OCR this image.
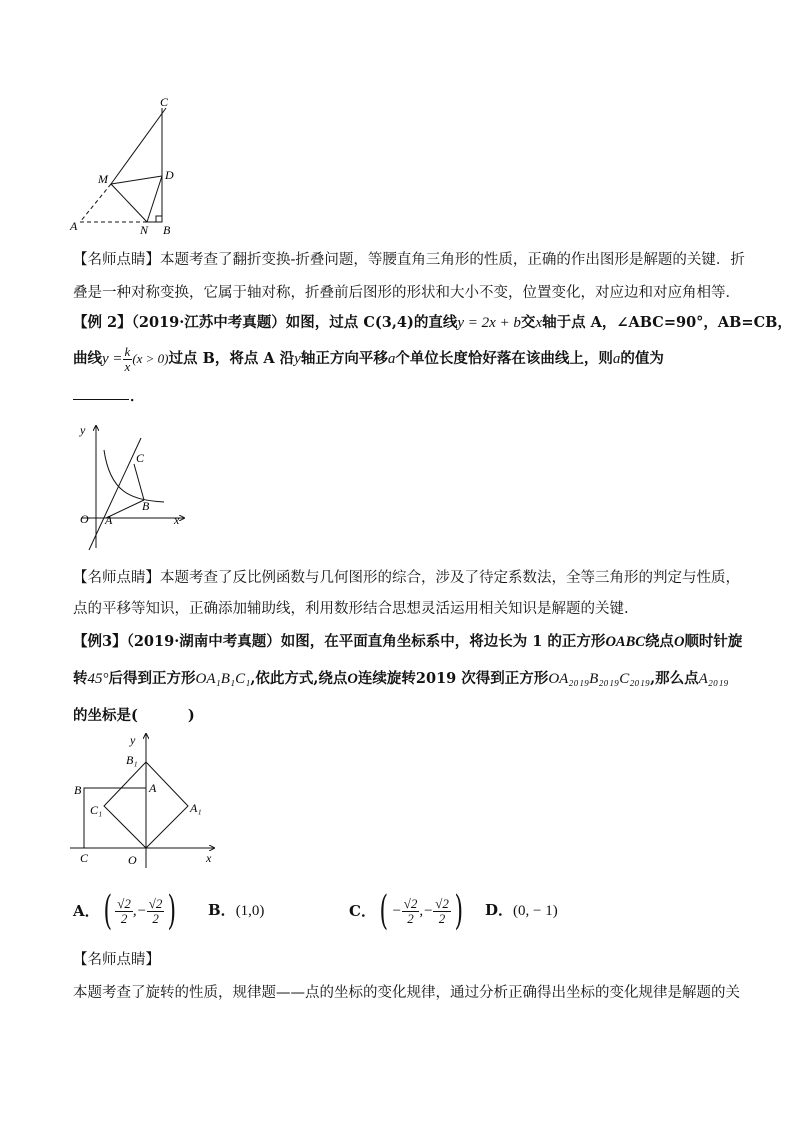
C
M	D
A	N B
【名师点睛】本题考查了翻折变换-折叠问题，等腰直角三角形的性质，正确的作出图形是解题的关键．折
叠是一种对称变换，它属于轴对称，折叠前后图形的形状和大小不变，位置变化，对应边和对应角相等．
【例 2】（2019·江苏中考真题）如图，过点 C(3,4)的直线y = 2x + b交x轴于点 A，∠ABC=90°，AB=CB，
曲线$y = \frac{k}{x} (x > 0)$过点 B，将点 A 沿y轴正方向平移a个单位长度恰好落在该曲线上，则a的值为
．
y
C
O A
B
x
【名师点睛】本题考查了反比例函数与几何图形的综合，涉及了待定系数法，全等三角形的判定与性质，
点的平移等知识，正确添加辅助线，利用数形结合思想灵活运用相关知识是解题的关键.
【例3】（2019·湖南中考真题）如图，在平面直角坐标系中，将边长为 1 的正方形OABC绕点O顺时针旋
转45°后得到正方形OA₁B₁C₁,依此方式,绕点O连续旋转2019 次得到正方形OA₂₀₁₉B₂₀₁₉C₂₀₁₉,那么点A₂₀₁₉
的坐标是(	)
y
B₁
A
B
C₁	A₁
C	O	x
A． ( $\frac{√2}{2}$ ,− $\frac{√2}{2}$ ) B．(1,0)	C． ( − $\frac{√2}{2}$ ,− $\frac{√2}{2}$ ) D．(0, − 1)
【名师点睛】
本题考查了旋转的性质，规律题——点的坐标的变化规律，通过分析正确得出坐标的变化规律是解题的关
